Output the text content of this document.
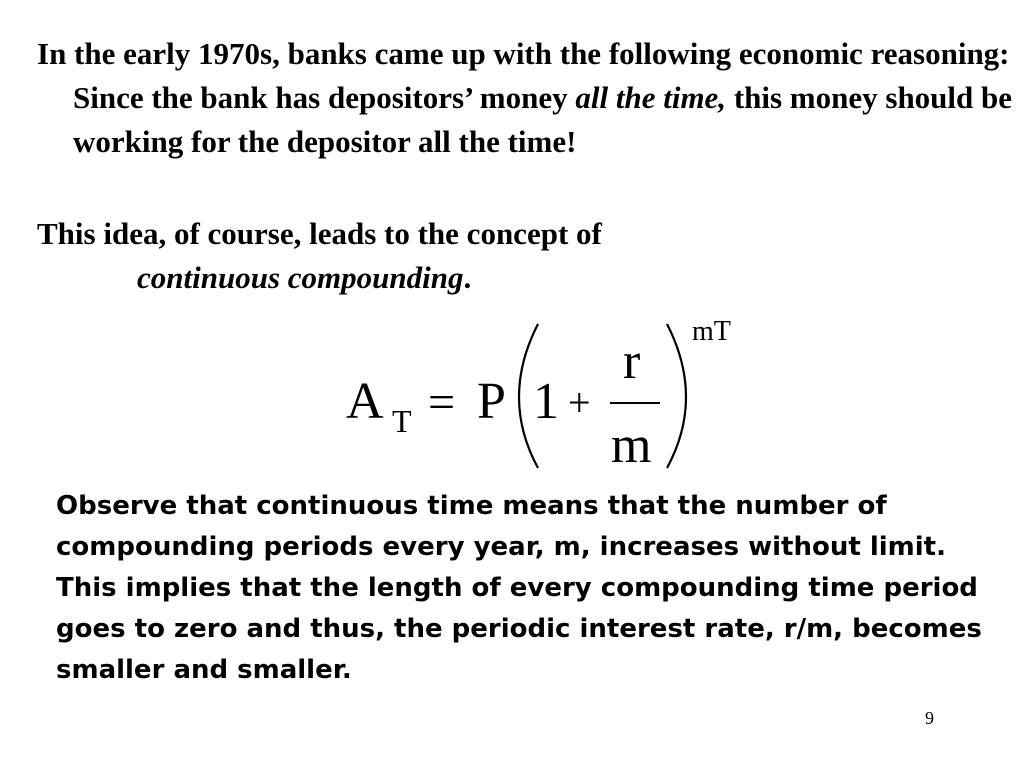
In the early 1970s, banks came up with the following economic reasoning: Since the bank has depositors’ money all the time, this money should be working for the depositor all the time!

This idea, of course, leads to the concept of
continuous compounding.

A T = P 1 +
r
m
mT

Observe that continuous time means that the number of compounding periods every year, m, increases without limit. This implies that the length of every compounding time period goes to zero and thus, the periodic interest rate, r/m, becomes smaller and smaller.

9
